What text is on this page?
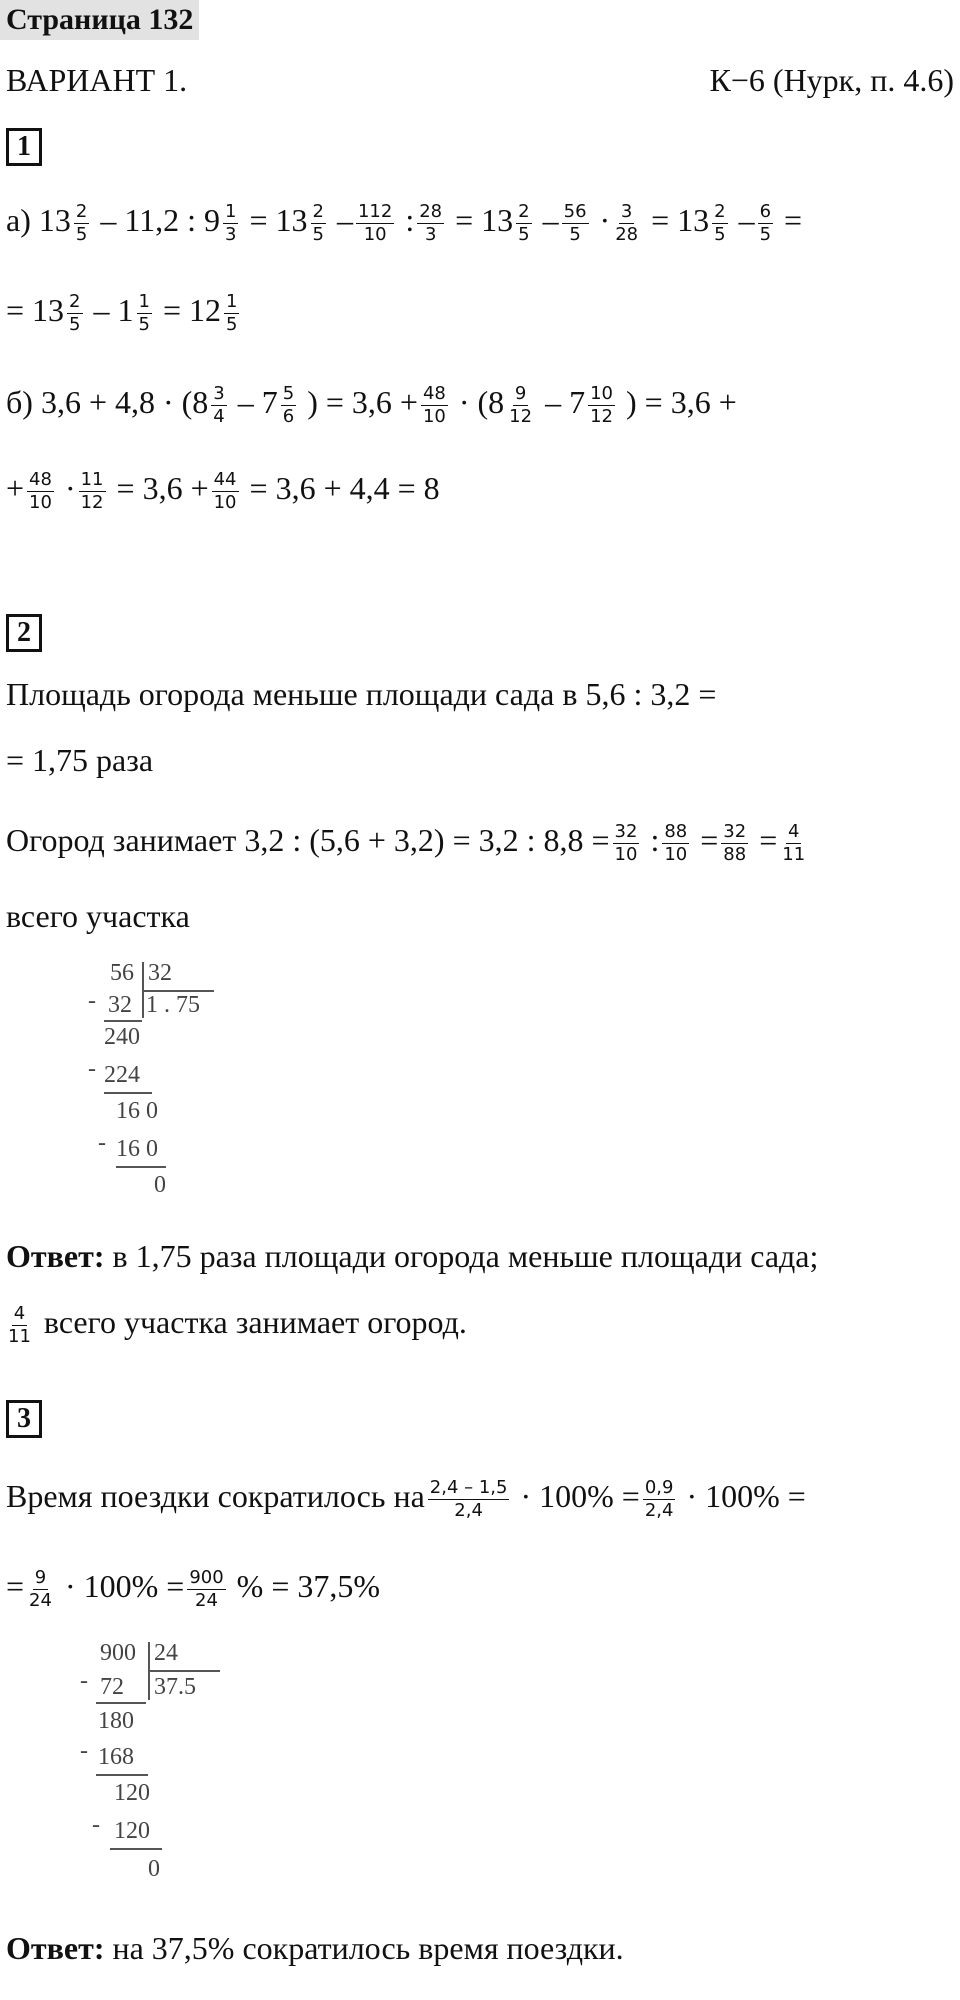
Страница 132
ВАРИАНТ 1.	К−6 (Нурк, п. 4.6)
1
а) $13 \frac{2}{5} - 11,2$ : $9 \frac{1}{3} = 13 \frac{2}{5} - \frac{112}{10}$ : $\frac{28}{3} = 13 \frac{2}{5} - \frac{56}{5} \cdot \frac{3}{28} = 13 \frac{2}{5} - \frac{6}{5}$ =
= $13 \frac{2}{5} - 1 \frac{1}{5} = 12 \frac{1}{5}$
б) $3,6 + 4,8 \cdot (8 \frac{3}{4} - 7 \frac{5}{6}$ ) = $3,6 + \frac{48}{10} \cdot (8 \frac{9}{12} - 7 \frac{10}{12}$ ) = 3,6 +
+ $\frac{48}{10} \cdot \frac{11}{12} = 3,6 + \frac{44}{10} = 3,6 + 4,4 = 8$
2
Площадь огорода меньше площади сада в 5,6 : 3,2 =
= 1,75 раза
Огород занимает 3,2 : (5,6 + 3,2) = 3,2 : $8,8 = \frac{32}{10}$ : $\frac{88}{10} = \frac{32}{88} = \frac{4}{11}$
всего участка
56 32
- 32 1 . 75
240
- 224
16 0
- 16 0
0
Ответ: в 1,75 раза площади огорода меньше площади сада;
$\frac{4}{11}$ всего участка занимает огород.
3
Время поездки сократилось на $\frac{2,4 - 1,5}{2,4} \cdot 100\% = \frac{0,9}{2,4} \cdot 100\%$ =
= $\frac{9}{24} \cdot 100\% = \frac{900}{24}$ % = 37,5%
900 24
- 72 37.5
180
- 168
120
- 120
0
Ответ: на 37,5% сократилось время поездки.
